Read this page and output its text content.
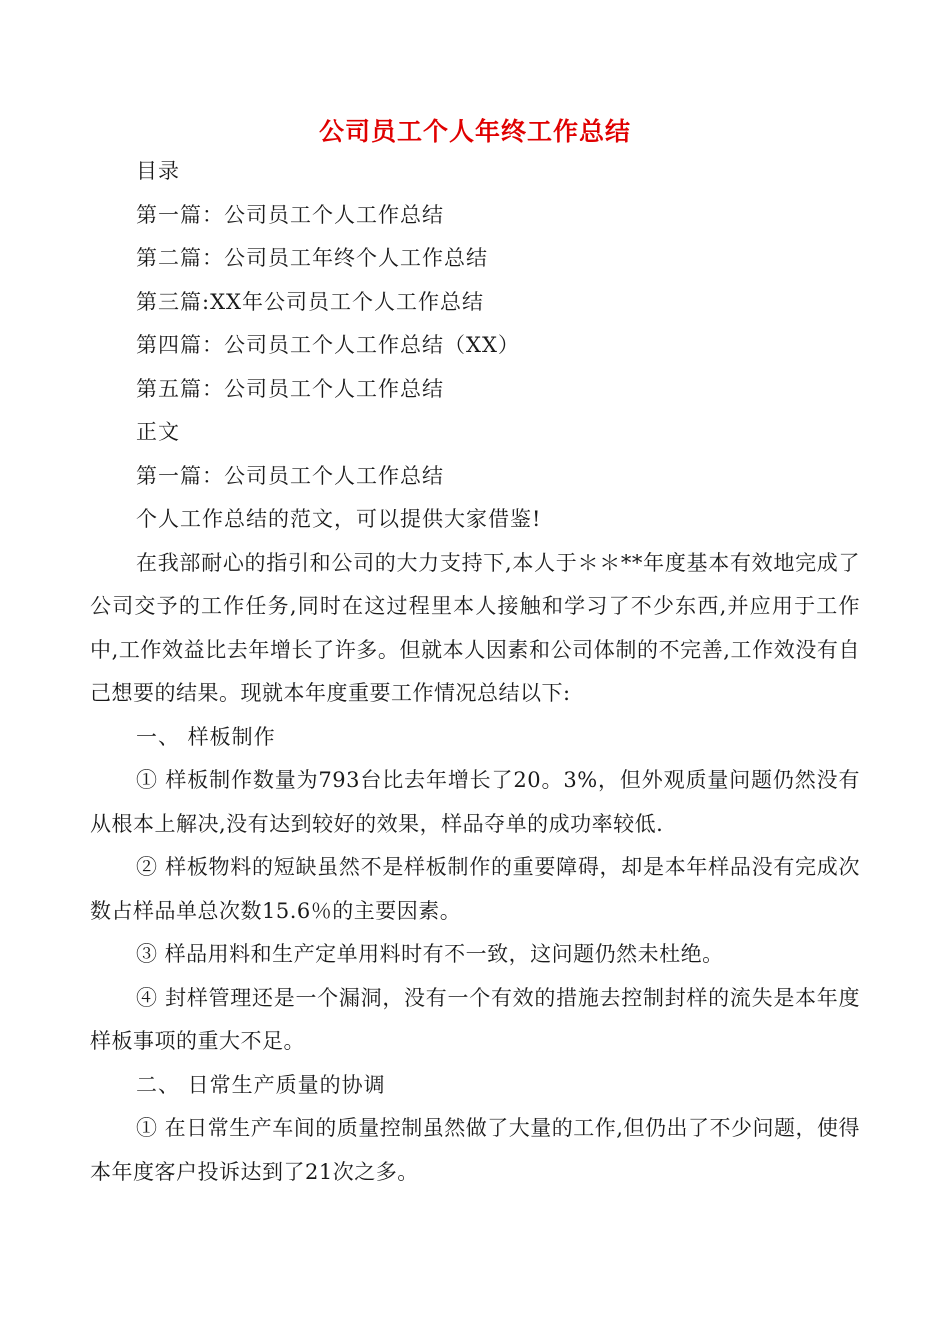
公司员工个人年终工作总结

目录

第一篇：公司员工个人工作总结

第二篇：公司员工年终个人工作总结

第三篇:XX年公司员工个人工作总结

第四篇：公司员工个人工作总结（XX）

第五篇：公司员工个人工作总结

正文

第一篇：公司员工个人工作总结

个人工作总结的范文，可以提供大家借鉴!

在我部耐心的指引和公司的大力支持下,本人于＊＊**年度基本有效地完成了公司交予的工作任务,同时在这过程里本人接触和学习了不少东西,并应用于工作中,工作效益比去年增长了许多。但就本人因素和公司体制的不完善,工作效没有自己想要的结果。现就本年度重要工作情况总结以下:

一、 样板制作

① 样板制作数量为793台比去年增长了20。3%，但外观质量问题仍然没有从根本上解决,没有达到较好的效果，样品夺单的成功率较低.

② 样板物料的短缺虽然不是样板制作的重要障碍，却是本年样品没有完成次数占样品单总次数15.6％的主要因素。

③ 样品用料和生产定单用料时有不一致，这问题仍然未杜绝。

④ 封样管理还是一个漏洞，没有一个有效的措施去控制封样的流失是本年度样板事项的重大不足。

二、 日常生产质量的协调

① 在日常生产车间的质量控制虽然做了大量的工作,但仍出了不少问题，使得本年度客户投诉达到了21次之多。
